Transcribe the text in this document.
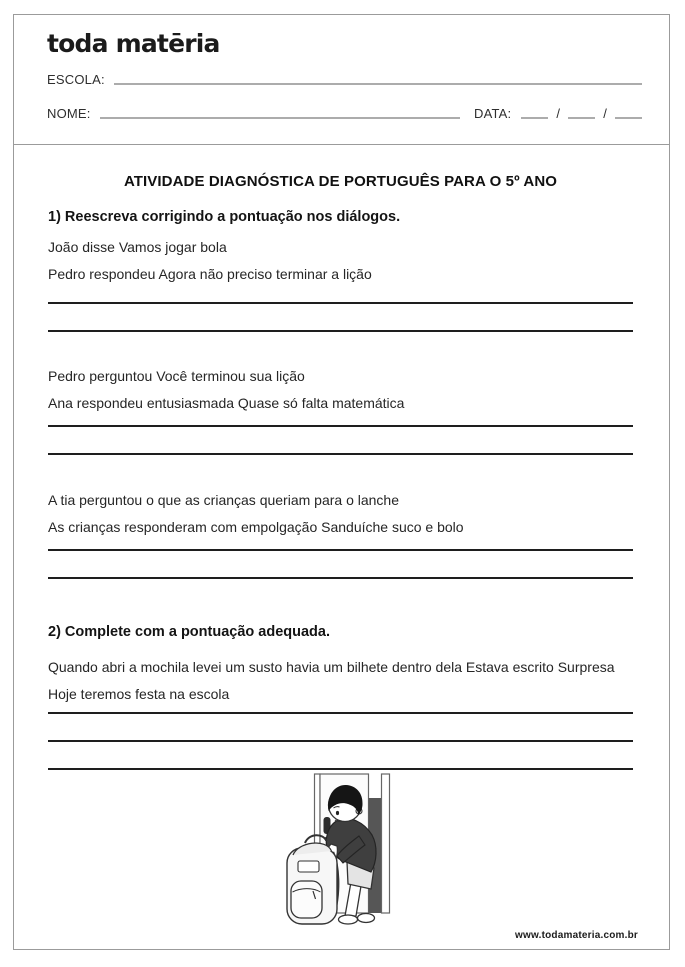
toda matēria
ESCOLA:
NOME:	DATA:	/	/
ATIVIDADE DIAGNÓSTICA DE PORTUGUÊS PARA O 5º ANO
1) Reescreva corrigindo a pontuação nos diálogos.
João disse Vamos jogar bola
Pedro respondeu Agora não preciso terminar a lição
Pedro perguntou Você terminou sua lição
Ana respondeu entusiasmada Quase só falta matemática
A tia perguntou o que as crianças queriam para o lanche
As crianças responderam com empolgação Sanduíche suco e bolo
2) Complete com a pontuação adequada.
Quando abri a mochila levei um susto havia um bilhete dentro dela Estava escrito Surpresa
Hoje teremos festa na escola
www.todamateria.com.br
